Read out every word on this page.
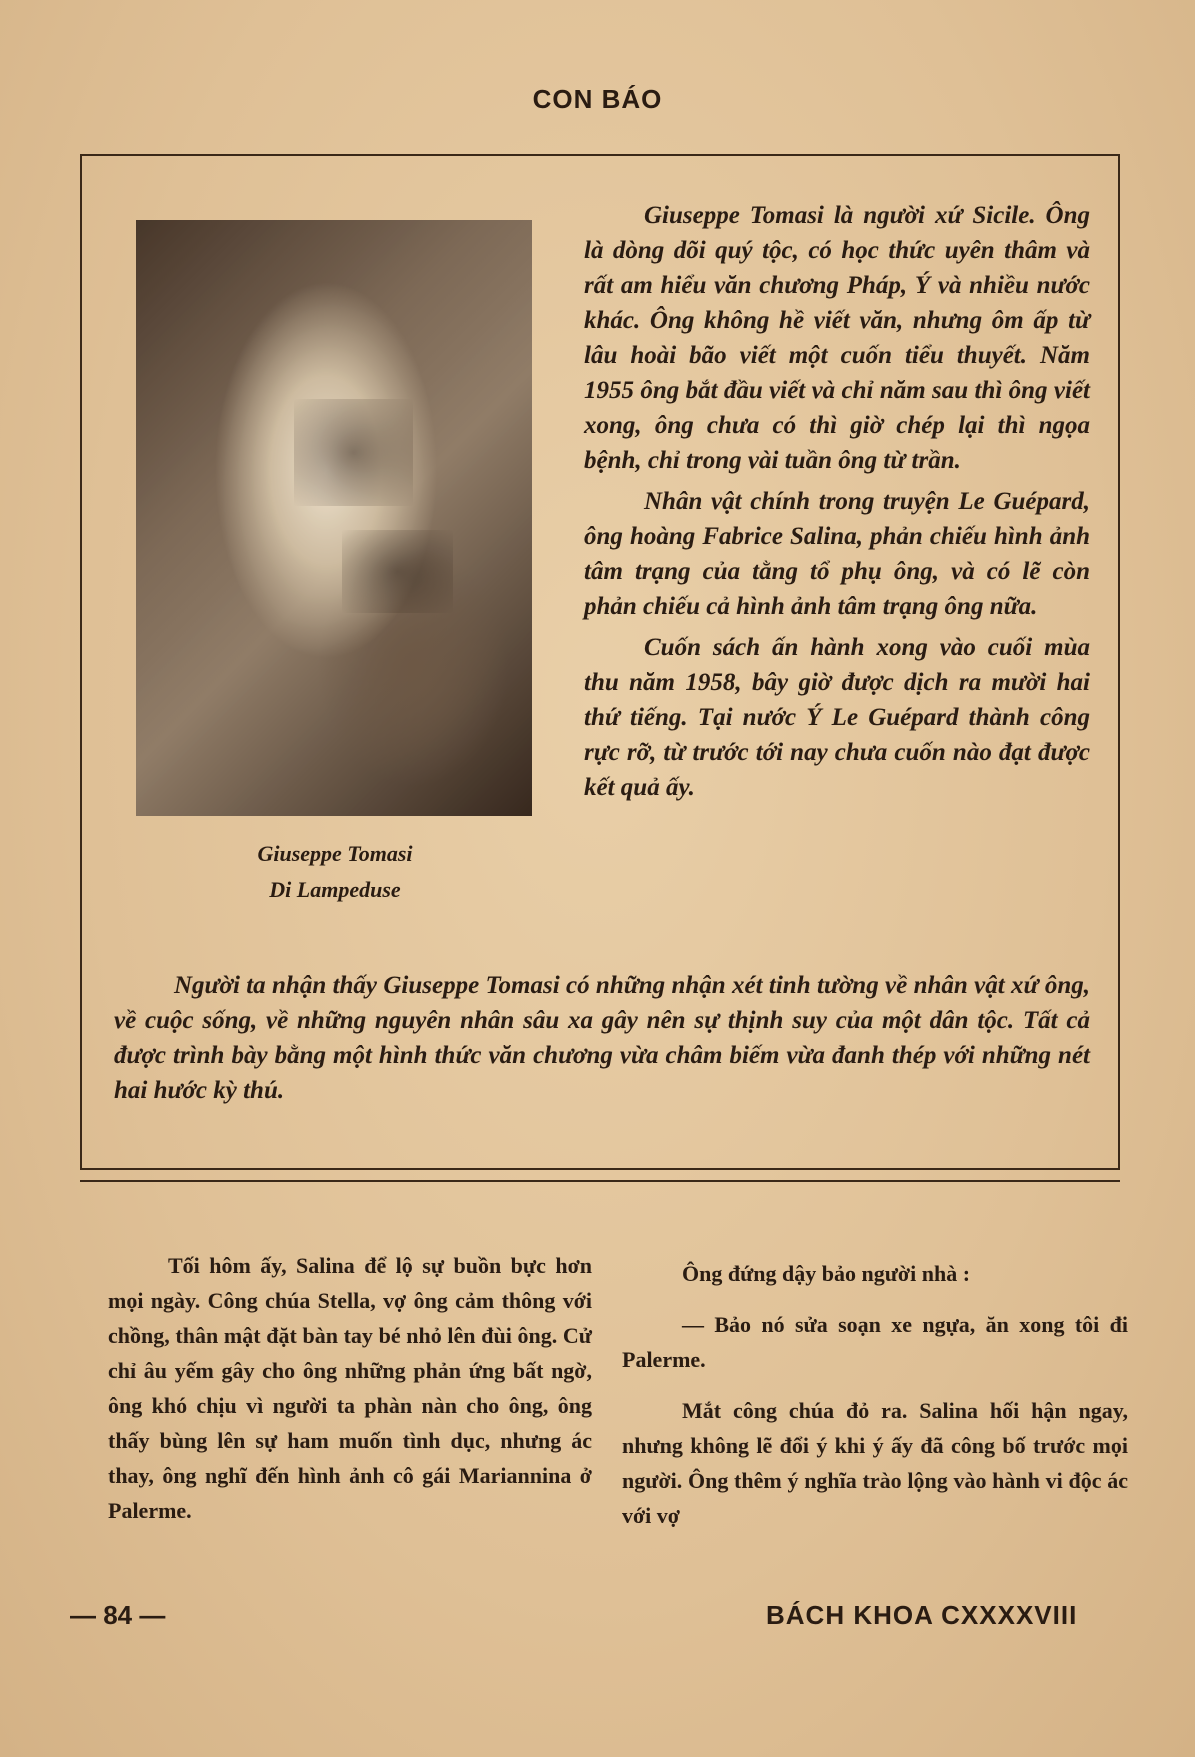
CON BÁO
Giuseppe Tomasi
Di Lampeduse

Giuseppe Tomasi là người xứ Sicile. Ông là dòng dõi quý tộc, có học thức uyên thâm và rất am hiểu văn chương Pháp, Ý và nhiều nước khác. Ông không hề viết văn, nhưng ôm ấp từ lâu hoài bão viết một cuốn tiểu thuyết. Năm 1955 ông bắt đầu viết và chỉ năm sau thì ông viết xong, ông chưa có thì giờ chép lại thì ngọa bệnh, chỉ trong vài tuần ông từ trần.

Nhân vật chính trong truyện Le Guépard, ông hoàng Fabrice Salina, phản chiếu hình ảnh tâm trạng của tằng tổ phụ ông, và có lẽ còn phản chiếu cả hình ảnh tâm trạng ông nữa.

Cuốn sách ấn hành xong vào cuối mùa thu năm 1958, bây giờ được dịch ra mười hai thứ tiếng. Tại nước Ý Le Guépard thành công rực rỡ, từ trước tới nay chưa cuốn nào đạt được kết quả ấy.

Người ta nhận thấy Giuseppe Tomasi có những nhận xét tinh tường về nhân vật xứ ông, về cuộc sống, về những nguyên nhân sâu xa gây nên sự thịnh suy của một dân tộc. Tất cả được trình bày bằng một hình thức văn chương vừa châm biếm vừa đanh thép với những nét hai hước kỳ thú.

Tối hôm ấy, Salina để lộ sự buồn bực hơn mọi ngày. Công chúa Stella, vợ ông cảm thông với chồng, thân mật đặt bàn tay bé nhỏ lên đùi ông. Cử chỉ âu yếm gây cho ông những phản ứng bất ngờ, ông khó chịu vì người ta phàn nàn cho ông, ông thấy bùng lên sự ham muốn tình dục, nhưng ác thay, ông nghĩ đến hình ảnh cô gái Mariannina ở Palerme.

Ông đứng dậy bảo người nhà :

— Bảo nó sửa soạn xe ngựa, ăn xong tôi đi Palerme.

Mắt công chúa đỏ ra. Salina hối hận ngay, nhưng không lẽ đổi ý khi ý ấy đã công bố trước mọi người. Ông thêm ý nghĩa trào lộng vào hành vi độc ác với vợ

— 84 —	BÁCH KHOA CXXXXVIII
